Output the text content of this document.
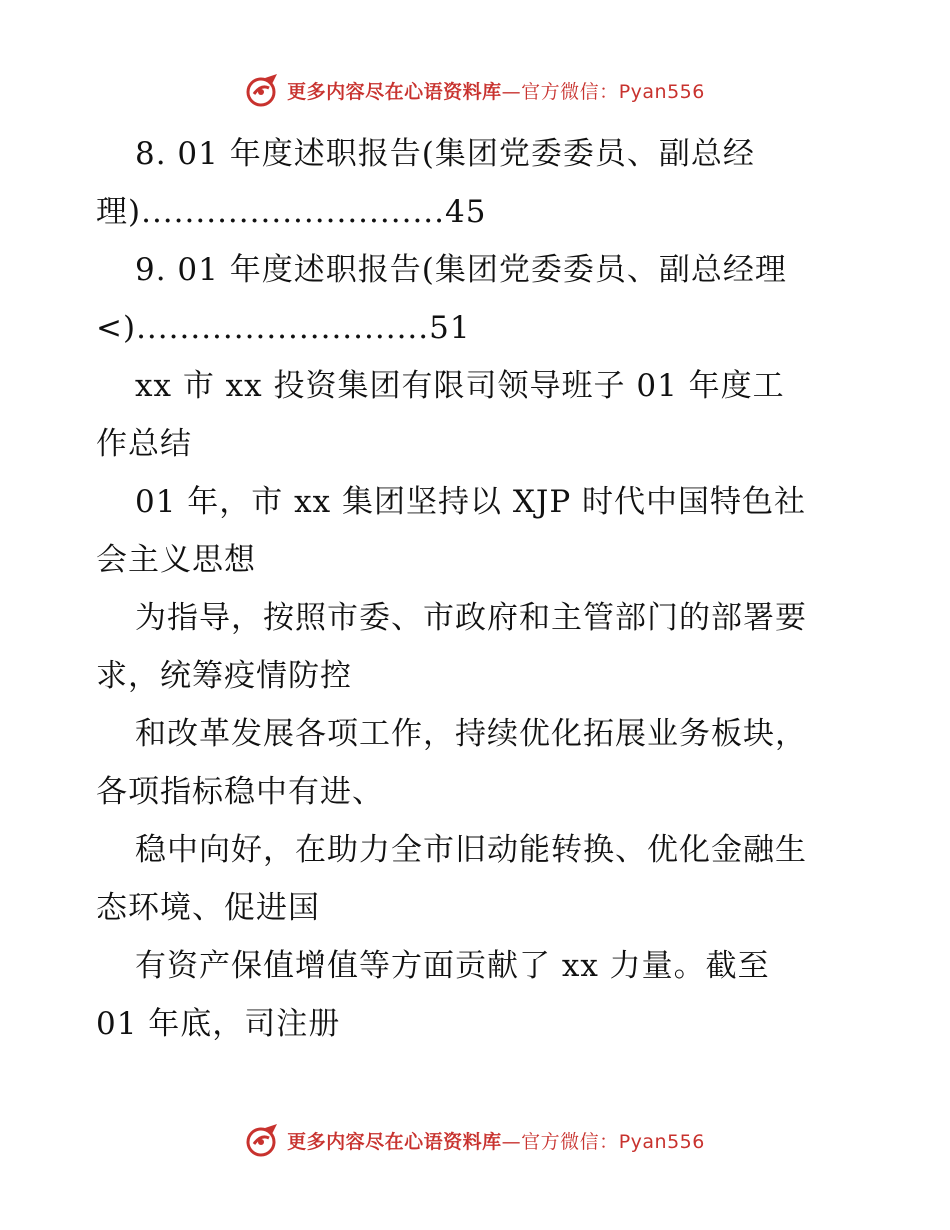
更多内容尽在心语资料库—官方微信：Pyan556
8. 01 年度述职报告(集团党委委员、副总经
理)............................45
9. 01 年度述职报告(集团党委委员、副总经理
<)...........................51
xx 市 xx 投资集团有限司领导班子 01 年度工
作总结
01 年，市 xx 集团坚持以 XJP 时代中国特色社
会主义思想
为指导，按照市委、市政府和主管部门的部署要
求，统筹疫情防控
和改革发展各项工作，持续优化拓展业务板块，
各项指标稳中有进、
稳中向好，在助力全市旧动能转换、优化金融生
态环境、促进国
有资产保值增值等方面贡献了 xx 力量。截至
01 年底，司注册
更多内容尽在心语资料库—官方微信：Pyan556
